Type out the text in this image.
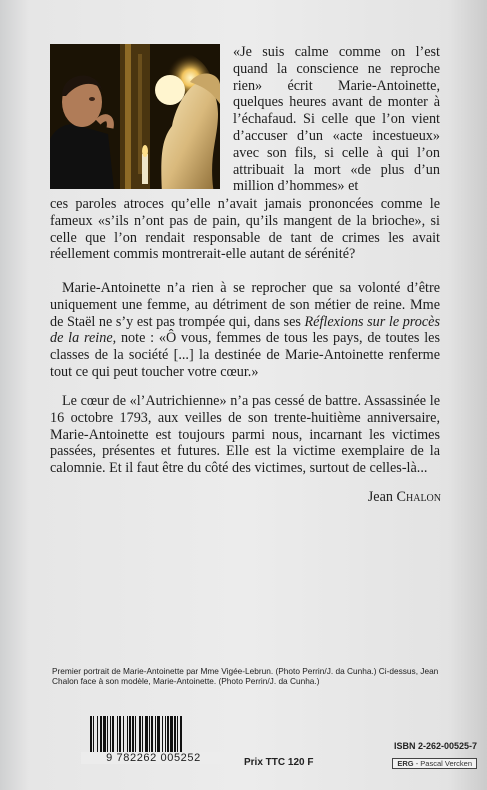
«Je suis calme comme on l’est quand la conscience ne reproche rien» écrit Marie-Antoinette, quelques heures avant de monter à l’échafaud. Si celle que l’on vient d’accuser d’un «acte incestueux» avec son fils, si celle à qui l’on attribuait la mort «de plus d’un million d’hommes» et

ces paroles atroces qu’elle n’avait jamais prononcées comme le fameux «s’ils n’ont pas de pain, qu’ils mangent de la brioche», si celle que l’on rendait responsable de tant de crimes les avait réellement commis montrerait-elle autant de sérénité?

Marie-Antoinette n’a rien à se reprocher que sa volonté d’être uniquement une femme, au détriment de son métier de reine. Mme de Staël ne s’y est pas trompée qui, dans ses Réflexions sur le procès de la reine, note : «Ô vous, femmes de tous les pays, de toutes les classes de la société [...] la destinée de Marie-Antoinette renferme tout ce qui peut toucher votre cœur.»

Le cœur de «l’Autrichienne» n’a pas cessé de battre. Assassinée le 16 octobre 1793, aux veilles de son trente-huitième anniversaire, Marie-Antoinette est toujours parmi nous, incarnant les victimes passées, présentes et futures. Elle est la victime exemplaire de la calomnie. Et il faut être du côté des victimes, surtout de celles-là...

Jean Chalon

Premier portrait de Marie-Antoinette par Mme Vigée-Lebrun. (Photo Perrin/J. da Cunha.) Ci-dessus, Jean Chalon face à son modèle, Marie-Antoinette. (Photo Perrin/J. da Cunha.)

9 782262 005252	Prix TTC 120 F
ISBN 2-262-00525-7
ERG - Pascal Vercken
